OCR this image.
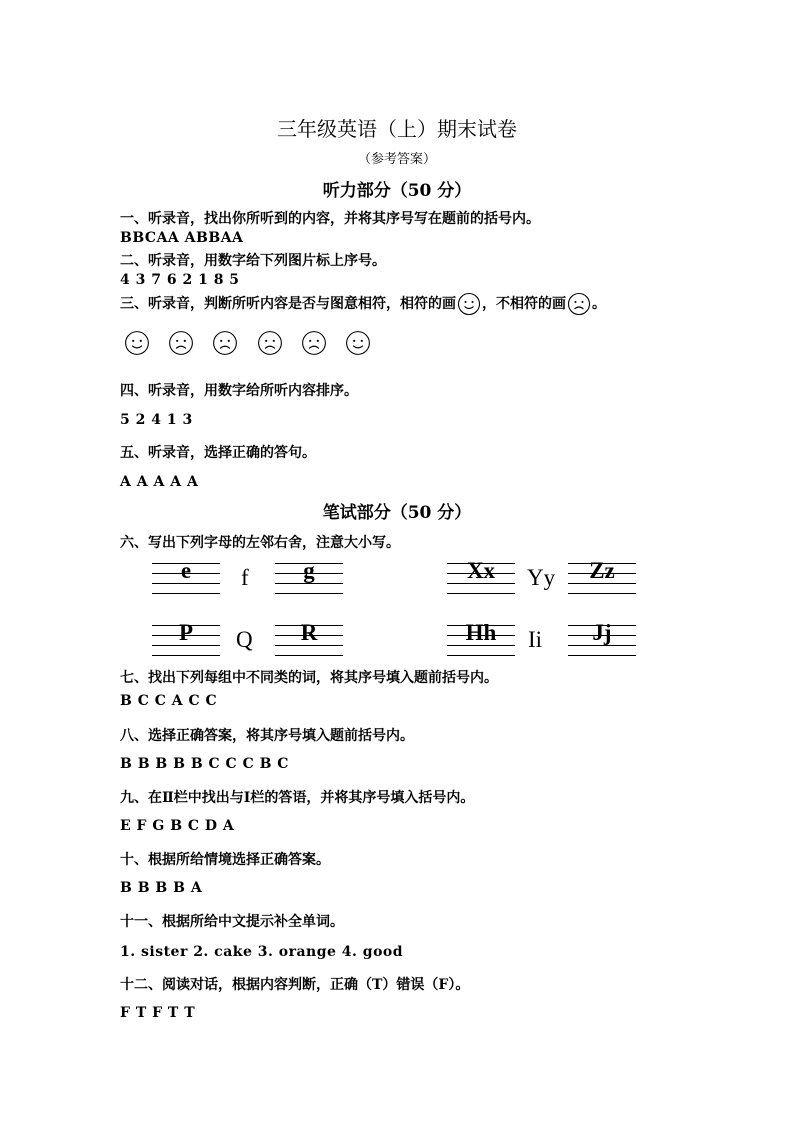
三年级英语（上）期末试卷
（参考答案）
听力部分（50 分）
一、听录音，找出你所听到的内容，并将其序号写在题前的括号内。
BBCAA ABBAA
二、听录音，用数字给下列图片标上序号。
4 3 7 6 2 1 8 5
三、听录音，判断所听内容是否与图意相符，相符的画 ，不相符的画 。
四、听录音，用数字给所听内容排序。
5 2 4 1 3
五、听录音，选择正确的答句。
A A A A A
笔试部分（50 分）
六、写出下列字母的左邻右舍，注意大小写。
e	f	g	Xx	Yy	Zz
P	Q	R	Hh	Ii	Jj
七、找出下列每组中不同类的词，将其序号填入题前括号内。
B C C A C C
八、选择正确答案，将其序号填入题前括号内。
B B B B B C C C B C
九、在Ⅱ栏中找出与Ⅰ栏的答语，并将其序号填入括号内。
E F G B C D A
十、根据所给情境选择正确答案。
B B B B A
十一、根据所给中文提示补全单词。
1. sister 2. cake 3. orange 4. good
十二、阅读对话，根据内容判断，正确（T）错误（F）。
F T F T T
